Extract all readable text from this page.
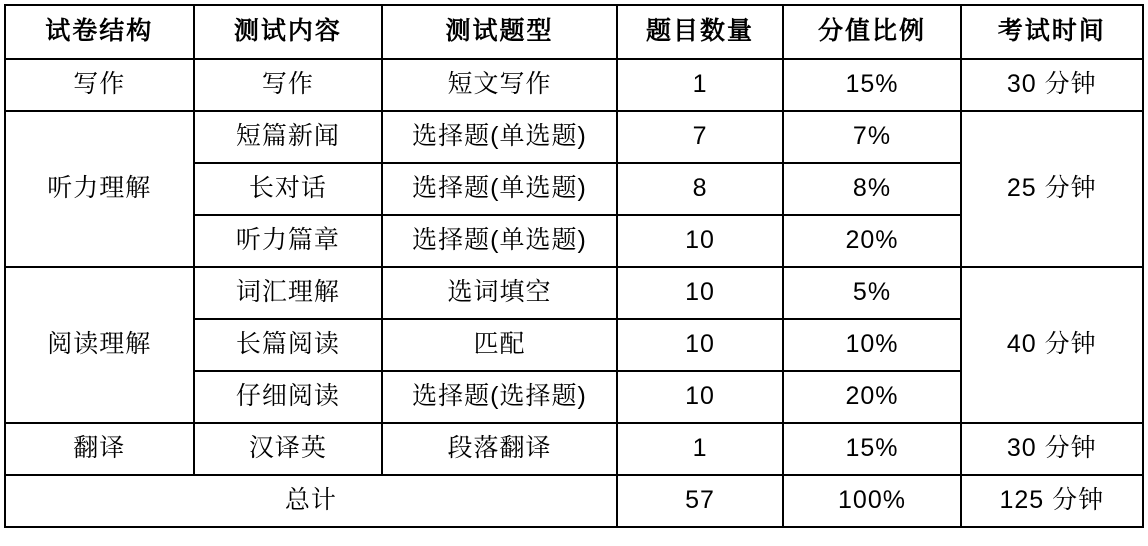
试卷结构	测试内容	测试题型	题目数量	分值比例	考试时间
写作	写作	短文写作	1	15%	30 分钟
听力理解	短篇新闻	选择题(单选题)	7	7%	25 分钟
	长对话	选择题(单选题)	8	8%	
	听力篇章	选择题(单选题)	10	20%	
阅读理解	词汇理解	选词填空	10	5%	40 分钟
	长篇阅读	匹配	10	10%	
	仔细阅读	选择题(选择题)	10	20%	
翻译	汉译英	段落翻译	1	15%	30 分钟
总计			57	100%	125 分钟
